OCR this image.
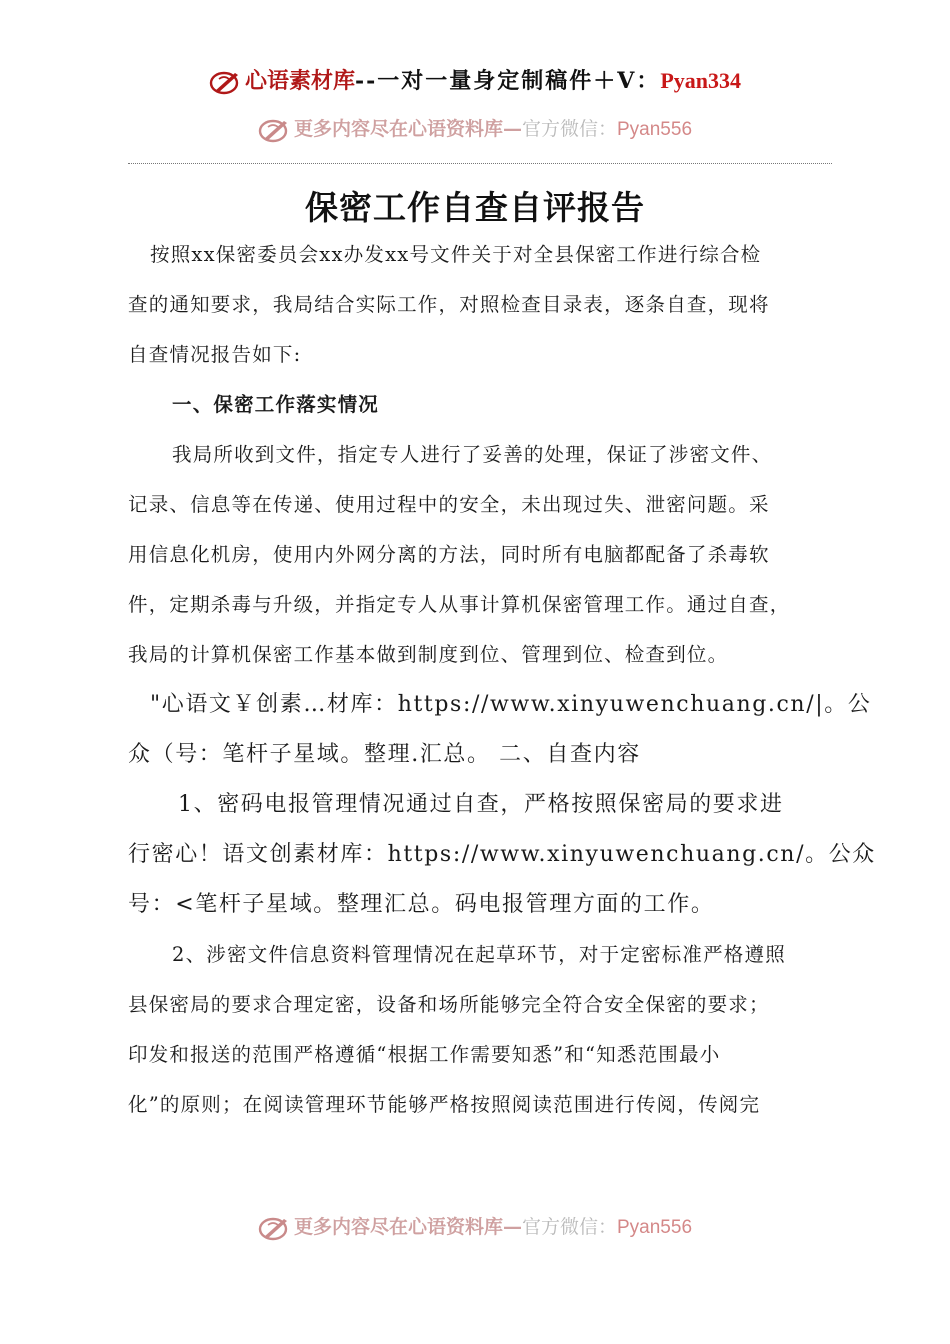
心语素材库--一对一量身定制稿件＋V：Pyan334
更多内容尽在心语资料库—官方微信：Pyan556
保密工作自查自评报告
按照xx保密委员会xx办发xx号文件关于对全县保密工作进行综合检
查的通知要求，我局结合实际工作，对照检查目录表，逐条自查，现将
自查情况报告如下:
一、保密工作落实情况
我局所收到文件，指定专人进行了妥善的处理，保证了涉密文件、
记录、信息等在传递、使用过程中的安全，未出现过失、泄密问题。采
用信息化机房，使用内外网分离的方法，同时所有电脑都配备了杀毒软
件，定期杀毒与升级，并指定专人从事计算机保密管理工作。通过自查，
我局的计算机保密工作基本做到制度到位、管理到位、检查到位。
"心语文￥创素…材库：https://www.xinyuwenchuang.cn/|。公
众（号：笔杆子星域。整理.汇总。 二、自查内容
1、密码电报管理情况通过自查，严格按照保密局的要求进
行密心！语文创素材库：https://www.xinyuwenchuang.cn/。公众
号：<笔杆子星域。整理汇总。码电报管理方面的工作。
2、涉密文件信息资料管理情况在起草环节，对于定密标准严格遵照
县保密局的要求合理定密，设备和场所能够完全符合安全保密的要求；
印发和报送的范围严格遵循“根据工作需要知悉”和“知悉范围最小
化”的原则；在阅读管理环节能够严格按照阅读范围进行传阅，传阅完
更多内容尽在心语资料库—官方微信：Pyan556
